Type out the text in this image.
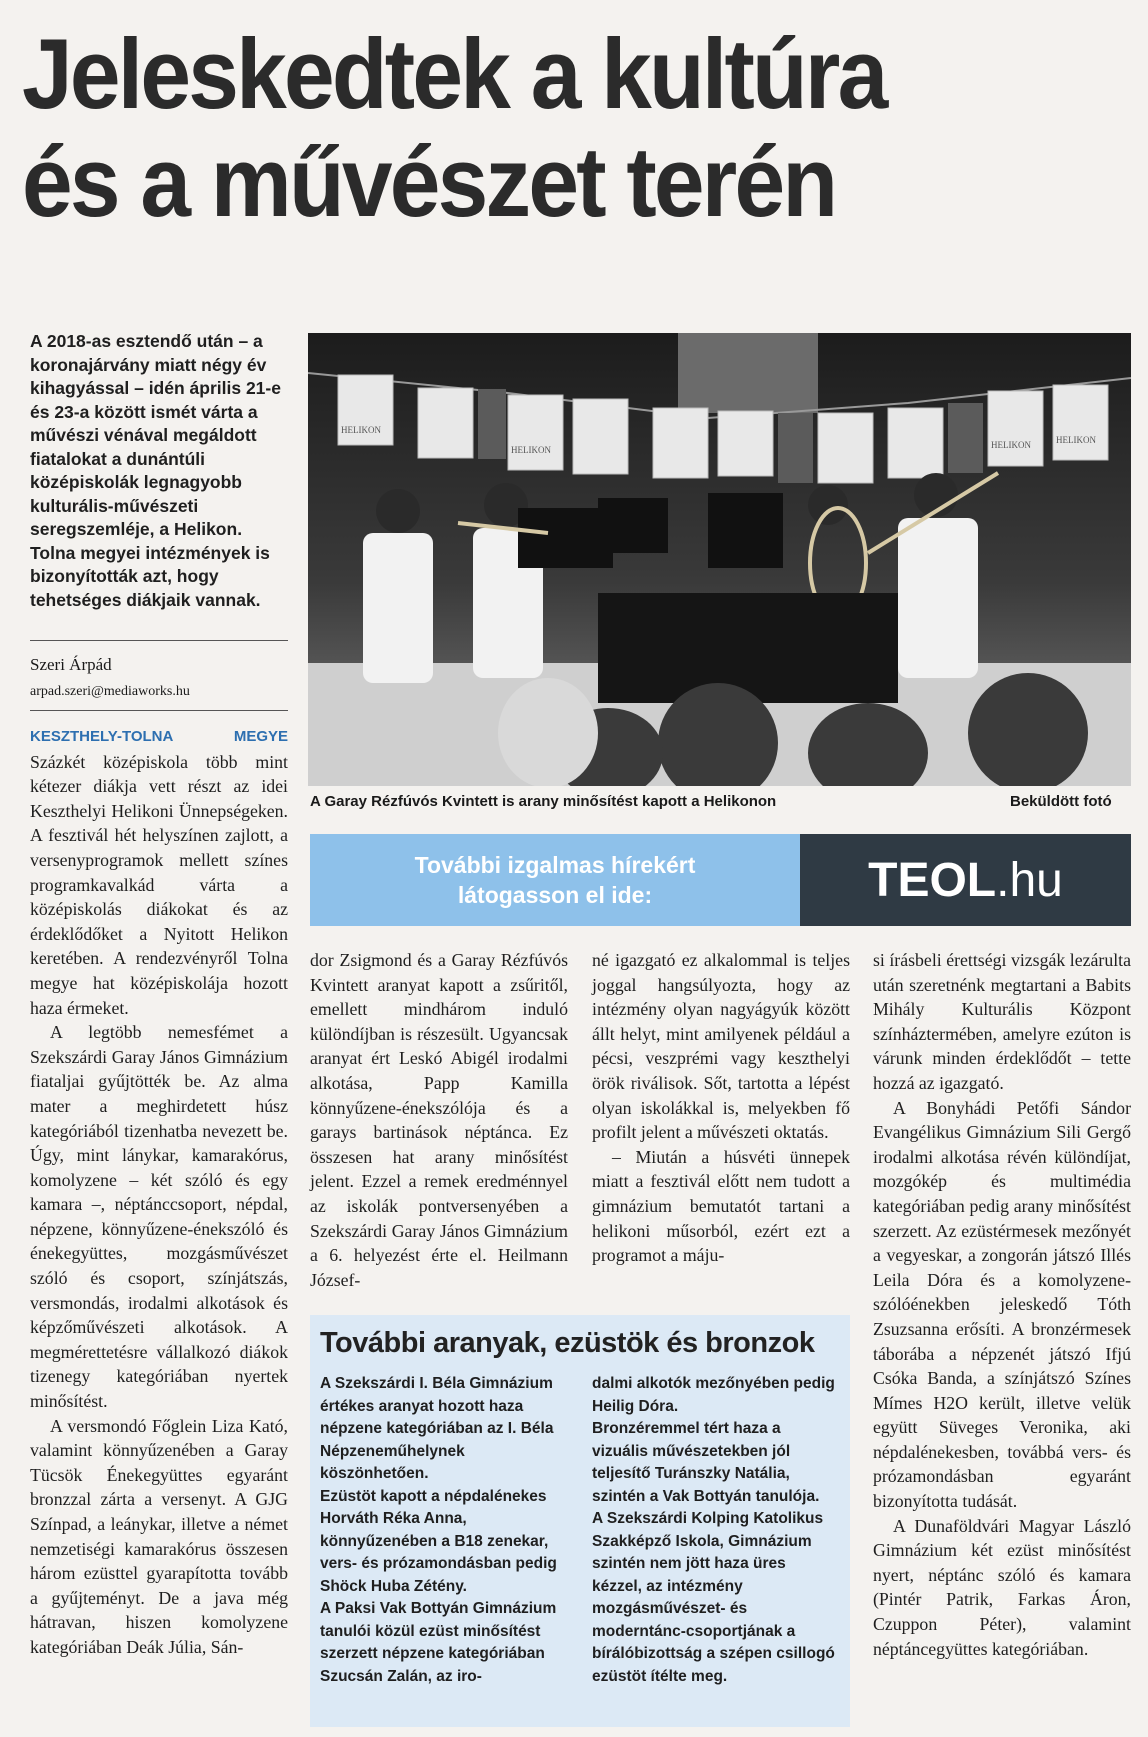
Jeleskedtek a kultúra
és a művészet terén
A 2018-as esztendő után – a koronajárvány miatt négy év kihagyással – idén április 21-e és 23-a között ismét várta a művészi vénával megáldott fiatalokat a dunántúli középiskolák legnagyobb kulturális-művészeti seregszemléje, a Helikon. Tolna megyei intézmények is bizonyították azt, hogy tehetséges diákjaik vannak.
Szeri Árpád
arpad.szeri@mediaworks.hu
HELIKON
HELIKON	HELIKON	HELIKON
A Garay Rézfúvós Kvintett is arany minősítést kapott a Helikonon	Beküldött fotó
További izgalmas hírekért
látogasson el ide:	TEOL .hu

KESZTHELY-TOLNA MEGYE Százkét középiskola több mint kétezer diákja vett részt az idei Keszthelyi Helikoni Ünnepségeken. A fesztivál hét helyszínen zajlott, a versenyprogramok mellett színes programkavalkád várta a középiskolás diákokat és az érdeklődőket a Nyitott Helikon keretében. A rendezvényről Tolna megye hat középiskolája hozott haza érmeket.

A legtöbb nemesfémet a Szekszárdi Garay János Gimnázium fiataljai gyűjtötték be. Az alma mater a meghirdetett húsz kategóriából tizenhatba nevezett be. Úgy, mint lánykar, kamarakórus, komolyzene – két szóló és egy kamara –, néptánccsoport, népdal, népzene, könnyűzene-énekszóló és énekegyüttes, mozgásművészet szóló és csoport, színjátszás, versmondás, irodalmi alkotások és képzőművészeti alkotások. A megmérettetésre vállalkozó diákok tizenegy kategóriában nyertek minősítést.

A versmondó Főglein Liza Kató, valamint könnyűzenében a Garay Tücsök Énekegyüttes egyaránt bronzzal zárta a versenyt. A GJG Színpad, a leánykar, illetve a német nemzetiségi kamarakórus összesen három ezüsttel gyarapította tovább a gyűjteményt. De a java még hátravan, hiszen komolyzene kategóriában Deák Júlia, Sán-

dor Zsigmond és a Garay Rézfúvós Kvintett aranyat kapott a zsűritől, emellett mindhárom induló különdíjban is részesült. Ugyancsak aranyat ért Leskó Abigél irodalmi alkotása, Papp Kamilla könnyűzene-énekszólója és a garays bartinások néptánca. Ez összesen hat arany minősítést jelent. Ezzel a remek eredménnyel az iskolák pontversenyében a Szekszárdi Garay János Gimnázium a 6. helyezést érte el. Heilmann József-

né igazgató ez alkalommal is teljes joggal hangsúlyozta, hogy az intézmény olyan nagyágyúk között állt helyt, mint amilyenek például a pécsi, veszprémi vagy keszthelyi örök riválisok. Sőt, tartotta a lépést olyan iskolákkal is, melyekben fő profilt jelent a művészeti oktatás.

– Miután a húsvéti ünnepek miatt a fesztivál előtt nem tudott a gimnázium bemutatót tartani a helikoni műsorból, ezért ezt a programot a máju-

si írásbeli érettségi vizsgák lezárulta után szeretnénk megtartani a Babits Mihály Kulturális Központ színháztermében, amelyre ezúton is várunk minden érdeklődőt – tette hozzá az igazgató.

A Bonyhádi Petőfi Sándor Evangélikus Gimnázium Sili Gergő irodalmi alkotása révén különdíjat, mozgókép és multimédia kategóriában pedig arany minősítést szerzett. Az ezüstérmesek mezőnyét a vegyeskar, a zongorán játszó Illés Leila Dóra és a komolyzene-szólóénekben jeleskedő Tóth Zsuzsanna erősíti. A bronzérmesek táborába a népzenét játszó Ifjú Csóka Banda, a színjátszó Színes Mímes H2O került, illetve velük együtt Süveges Veronika, aki népdalénekesben, továbbá vers- és prózamondásban egyaránt bizonyította tudását.

A Dunaföldvári Magyar László Gimnázium két ezüst minősítést nyert, néptánc szóló és kamara (Pintér Patrik, Farkas Áron, Czuppon Péter), valamint néptáncegyüttes kategóriában.

További aranyak, ezüstök és bronzok

A Szekszárdi I. Béla Gimnázium értékes aranyat hozott haza népzene kategóriában az I. Béla Népzeneműhelynek köszönhetően.

Ezüstöt kapott a népdalénekes Horváth Réka Anna, könnyűzenében a B18 zenekar, vers- és prózamondásban pedig Shöck Huba Zétény.

A Paksi Vak Bottyán Gimnázium tanulói közül ezüst minősítést szerzett népzene kategóriában Szucsán Zalán, az iro-

dalmi alkotók mezőnyében pedig Heilig Dóra.

Bronzéremmel tért haza a vizuális művészetekben jól teljesítő Turánszky Natália, szintén a Vak Bottyán tanulója.

A Szekszárdi Kolping Katolikus Szakképző Iskola, Gimnázium szintén nem jött haza üres kézzel, az intézmény mozgásművészet- és moderntánc-csoportjának a bírálóbizottság a szépen csillogó ezüstöt ítélte meg.
